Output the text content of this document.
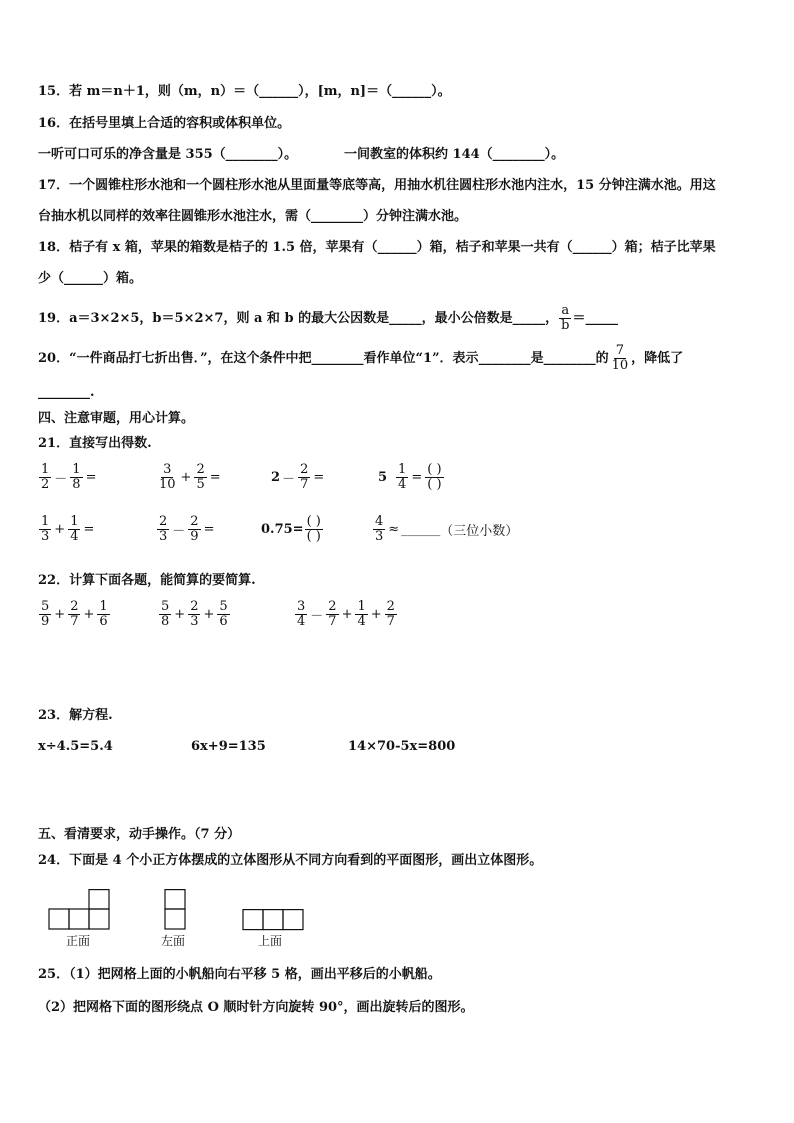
15．若 m＝n＋1，则（m，n）＝（______），[m，n]＝（______）。
16．在括号里填上合适的容积或体积单位。
一听可口可乐的净含量是 355（________）。	一间教室的体积约 144（________）。
17．一个圆锥柱形水池和一个圆柱形水池从里面量等底等高，用抽水机往圆柱形水池内注水，15 分钟注满水池。用这
台抽水机以同样的效率往圆锥形水池注水，需（________）分钟注满水池。
18．桔子有 x 箱，苹果的箱数是桔子的 1.5 倍，苹果有（______）箱，桔子和苹果一共有（______）箱；桔子比苹果
少（______）箱。
19．a＝3×2×5，b＝5×2×7，则 a 和 b 的最大公因数是 _____ ，最小公倍数是 _____ ， $\frac{a}{b}$ ＝ _____
20．“一件商品打七折出售．”，在这个条件中把 ________ 看作单位“1”．表示 ________ 是 ________ 的 $\frac{7}{10}$ ，降低了
________.
四、注意审题，用心计算。
21．直接写出得数.
$\frac{1}{2} - \frac{1}{8}$ =	$\frac{3}{10} + \frac{2}{5}$ =	$2 - \frac{2}{7}$ =	$5 \frac{1}{4} = \frac{( )}{( )}$
$\frac{1}{3} + \frac{1}{4}$ =	$\frac{2}{3} - \frac{2}{9}$ =	$0.75= \frac{( )}{( )}$	$\frac{4}{3}$ ≈ ______ （三位小数）
22．计算下面各题，能简算的要简算.
$\frac{5}{9} + \frac{2}{7} + \frac{1}{6}$	$\frac{5}{8} + \frac{2}{3} + \frac{5}{6}$	$\frac{3}{4} - \frac{2}{7} + \frac{1}{4} + \frac{2}{7}$
23．解方程.
x÷4.5=5.4	6x+9=135	14×70-5x=800
五、看清要求，动手操作。（7 分）
24．下面是 4 个小正方体摆成的立体图形从不同方向看到的平面图形，画出立体图形。
正面	左面	上面
25．（1）把网格上面的小帆船向右平移 5 格，画出平移后的小帆船。
（2）把网格下面的图形绕点 O 顺时针方向旋转 90°，画出旋转后的图形。
